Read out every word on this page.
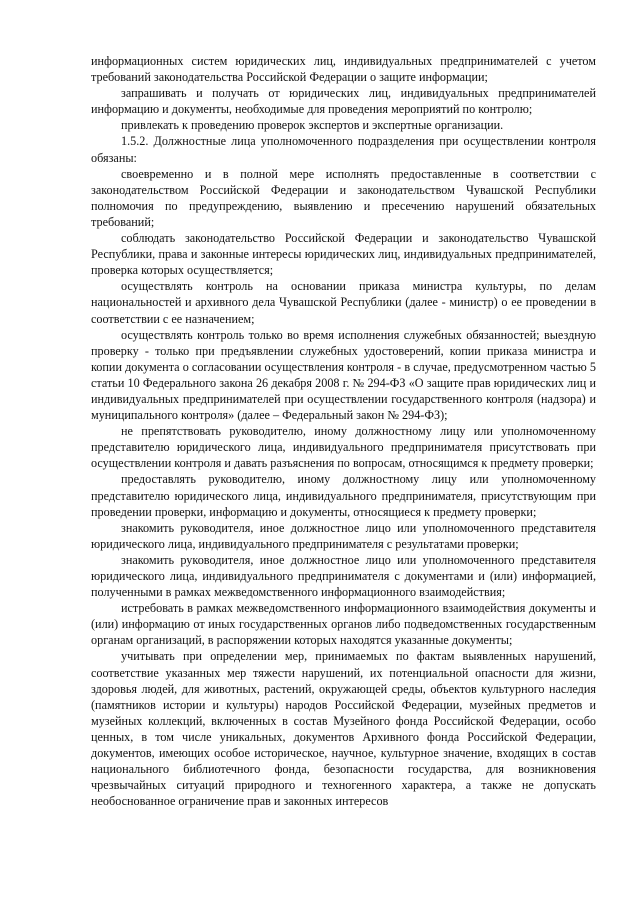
информационных систем юридических лиц, индивидуальных предпринимателей с учетом требований законодательства Российской Федерации о защите информации;

запрашивать и получать от юридических лиц, индивидуальных предпринимателей информацию и документы, необходимые для проведения мероприятий по контролю;

привлекать к проведению проверок экспертов и экспертные организации.

1.5.2. Должностные лица уполномоченного подразделения при осуществлении контроля обязаны:

своевременно и в полной мере исполнять предоставленные в соответствии с законодательством Российской Федерации и законодательством Чувашской Республики полномочия по предупреждению, выявлению и пресечению нарушений обязательных требований;

соблюдать законодательство Российской Федерации и законодательство Чувашской Республики, права и законные интересы юридических лиц, индивидуальных предпринимателей, проверка которых осуществляется;

осуществлять контроль на основании приказа министра культуры, по делам национальностей и архивного дела Чувашской Республики (далее - министр) о ее проведении в соответствии с ее назначением;

осуществлять контроль только во время исполнения служебных обязанностей; выездную проверку - только при предъявлении служебных удостоверений, копии приказа министра и копии документа о согласовании осуществления контроля - в случае, предусмотренном частью 5 статьи 10 Федерального закона 26 декабря 2008 г. № 294-ФЗ «О защите прав юридических лиц и индивидуальных предпринимателей при осуществлении государственного контроля (надзора) и муниципального контроля» (далее – Федеральный закон № 294-ФЗ);

не препятствовать руководителю, иному должностному лицу или уполномоченному представителю юридического лица, индивидуального предпринимателя присутствовать при осуществлении контроля и давать разъяснения по вопросам, относящимся к предмету проверки;

предоставлять руководителю, иному должностному лицу или уполномоченному представителю юридического лица, индивидуального предпринимателя, присутствующим при проведении проверки, информацию и документы, относящиеся к предмету проверки;

знакомить руководителя, иное должностное лицо или уполномоченного представителя юридического лица, индивидуального предпринимателя с результатами проверки;

знакомить руководителя, иное должностное лицо или уполномоченного представителя юридического лица, индивидуального предпринимателя с документами и (или) информацией, полученными в рамках межведомственного информационного взаимодействия;

истребовать в рамках межведомственного информационного взаимодействия документы и (или) информацию от иных государственных органов либо подведомственных государственным органам организаций, в распоряжении которых находятся указанные документы;

учитывать при определении мер, принимаемых по фактам выявленных нарушений, соответствие указанных мер тяжести нарушений, их потенциальной опасности для жизни, здоровья людей, для животных, растений, окружающей среды, объектов культурного наследия (памятников истории и культуры) народов Российской Федерации, музейных предметов и музейных коллекций, включенных в состав Музейного фонда Российской Федерации, особо ценных, в том числе уникальных, документов Архивного фонда Российской Федерации, документов, имеющих особое историческое, научное, культурное значение, входящих в состав национального библиотечного фонда, безопасности государства, для возникновения чрезвычайных ситуаций природного и техногенного характера, а также не допускать необоснованное ограничение прав и законных интересов
